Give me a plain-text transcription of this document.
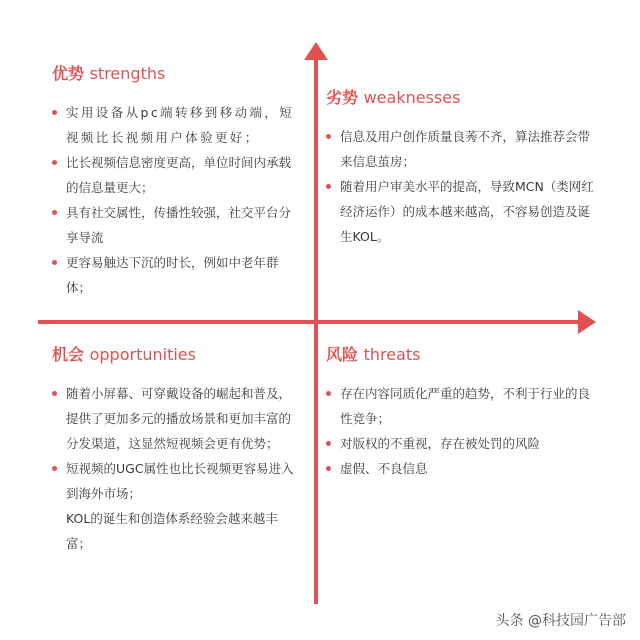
优势 strengths
实用设备从pc端转移到移动端，短视频比长视频用户体验更好；
比长视频信息密度更高，单位时间内承载的信息量更大；
具有社交属性，传播性较强，社交平台分享导流
更容易触达下沉的时长，例如中老年群体；
劣势 weaknesses
信息及用户创作质量良莠不齐，算法推荐会带来信息茧房；
随着用户审美水平的提高，导致MCN（类网红经济运作）的成本越来越高，不容易创造及诞生KOL。
机会 opportunities
随着小屏幕、可穿戴设备的崛起和普及，提供了更加多元的播放场景和更加丰富的分发渠道，这显然短视频会更有优势；
短视频的UGC属性也比长视频更容易进入到海外市场；
KOL的诞生和创造体系经验会越来越丰富；
风险 threats
存在内容同质化严重的趋势，不利于行业的良性竞争；
对版权的不重视，存在被处罚的风险
虚假、不良信息
头条 @科技园广告部
